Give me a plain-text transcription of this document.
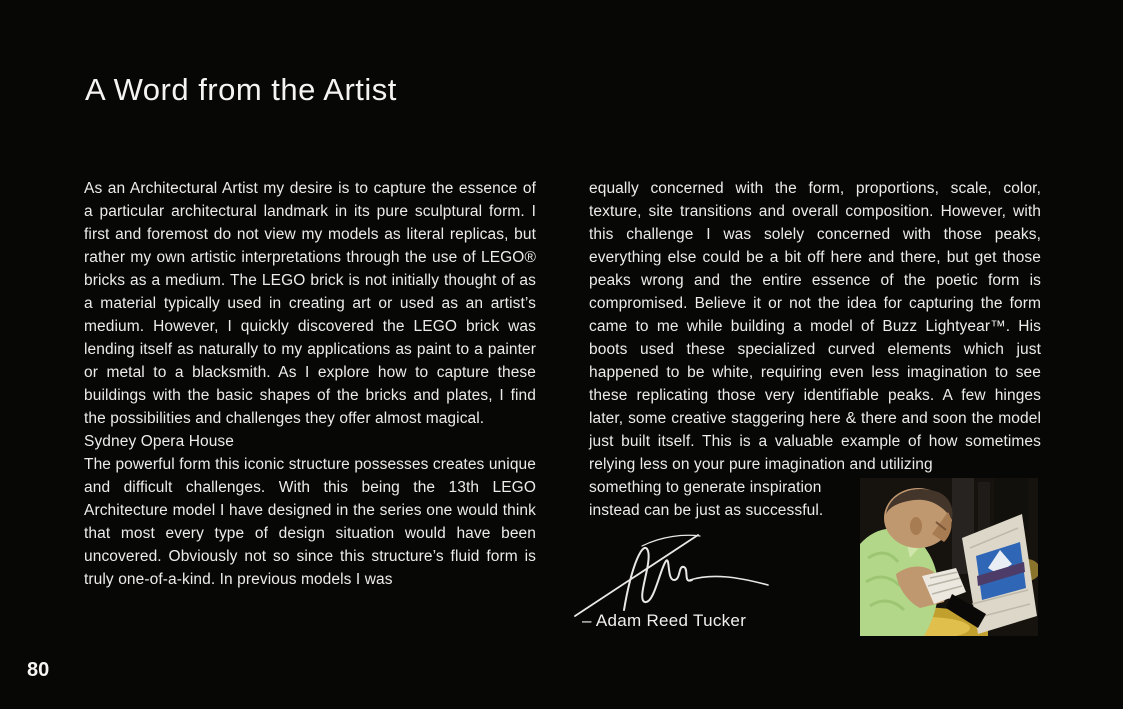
A Word from the Artist

As an Architectural Artist my desire is to capture the essence of a particular architectural landmark in its pure sculptural form. I first and foremost do not view my models as literal replicas, but rather my own artistic interpretations through the use of LEGO® bricks as a medium. The LEGO brick is not initially thought of as a material typically used in creating art or used as an artist’s medium. However, I quickly discovered the LEGO brick was lending itself as naturally to my applications as paint to a painter or metal to a blacksmith. As I explore how to capture these buildings with the basic shapes of the bricks and plates, I find the possibilities and challenges they offer almost magical.

Sydney Opera House

The powerful form this iconic structure possesses creates unique and difficult challenges. With this being the 13th LEGO Architecture model I have designed in the series one would think that most every type of design situation would have been uncovered. Obviously not so since this structure’s fluid form is truly one-of-a-kind. In previous models I was

equally concerned with the form, proportions, scale, color, texture, site transitions and overall composition. However, with this challenge I was solely concerned with those peaks, everything else could be a bit off here and there, but get those peaks wrong and the entire essence of the poetic form is compromised. Believe it or not the idea for capturing the form came to me while building a model of Buzz Lightyear™. His boots used these specialized curved elements which just happened to be white, requiring even less imagination to see these replicating those very identifiable peaks. A few hinges later, some creative staggering here & there and soon the model just built itself. This is a valuable example of how sometimes relying less on your pure imagination and utilizing

something to generate inspiration instead can be just as successful.

– Adam Reed Tucker
80
